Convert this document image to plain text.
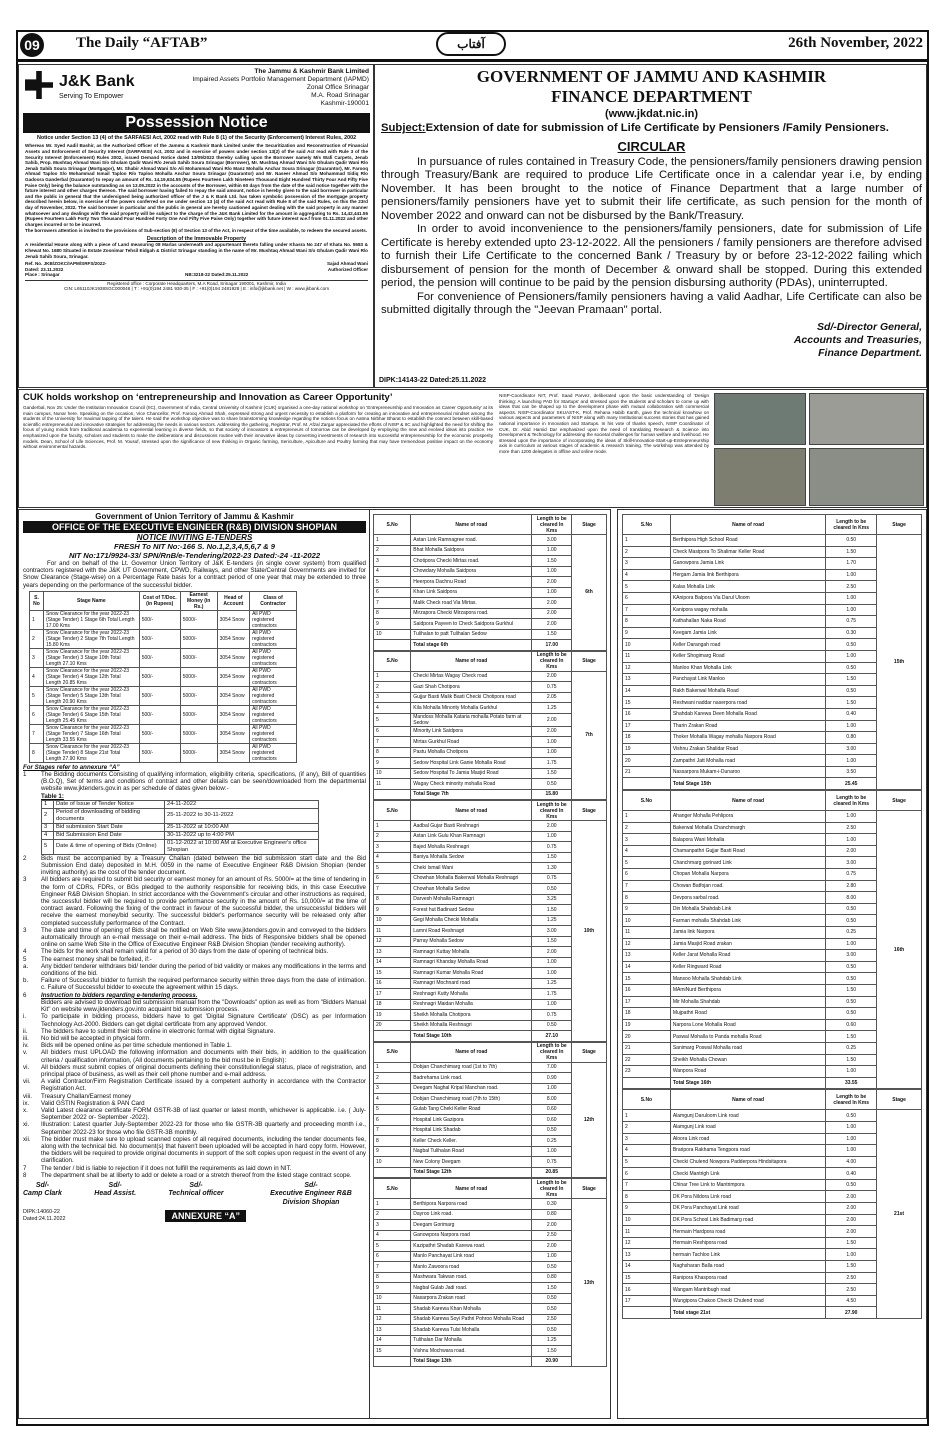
09 The Daily “AFTAB”	آفتاب	26th November, 2022
J&K Bank
Serving To Empower
The Jammu & Kashmir Bank Limited
Impaired Assets Portfolio Management Department (IAPMD)
Zonal Office Srinagar
M.A. Road Srinagar
Kashmir-190001
Possession Notice
Notice under Section 13 (4) of the SARFAESI Act, 2002 read with Rule 8 (1) of the Security (Enforcement) Interest Rules, 2002
Whereas Mr. Syed Aadil Bashir, as the Authorized Officer of the Jammu & Kashmir Bank Limited under the Securitization and Reconstruction of Financial Assets and Enforcement of Security Interest (SARFAESI) Act, 2002 and in exercise of powers under section 13(2) of the said Act read with Rule 3 of the Security Interest (Enforcement) Rules 2002, issued Demand Notice dated 13/09/2022 thereby calling upon the Borrower namely M/s Wafi Carpets, Jenab Sahib, Prop. Mushtaq Ahmad Wani S/o Ghulam Qadir Wani R/o Jenab Sahib Soura Srinagar (Borrower), Mr. Mushtaq Ahmad Wani S/o Ghulam Qadir Wani R/o Jenab Sahib Soura Srinagar (Mortgagor), Mr. Shabir Ahmad Wani S/o Ali Mohammad Wani R/o Manz Mohalla Anchar Soura Srinagar (Guarantor), Mr. Farooq Ahmad Taploo S/o Mohammad Ismail Taploo R/o Taploo Mohalla Anchar Soura Srinagar (Guarantor) and Mr. Naseer Ahmad S/o Mohammad Sidiq R/o Gadoora Ganderbal (Guarantor) to repay an amount of Rs. 14,19,634.55 (Rupees Fourteen Lakh Nineteen Thousand Eight Hundred Thirty Four And Fifty Five Paise Only) being the balance outstanding as on 13.09.2022 in the accounts of the Borrower, within 60 days from the date of the said notice together with the future interest and other charges thereon. The said borrower having failed to repay the said amount, notice is hereby given to the said borrower in particular and the public in general that the undersigned being authorized officer of the J & K Bank Ltd. has taken symbolic possession of the mortgage property described herein below, in exercise of the powers conferred on me under section 13 (4) of the said Act read with Rule 8 of the said Rules, on this the 23rd day of November, 2022. The said borrower in particular and the public in general are hereby cautioned against dealing with the said property in any manner whatsoever and any dealings with the said property will be subject to the charge of the J&K Bank Limited for the amount in aggregating to Rs. 14,42,441.55 (Rupees Fourteen Lakh Forty Two Thousand Four Hundred Forty One And Fifty Five Paise Only) together with future interest w.e.f from 01.11.2022 and other charges incurred or to be incurred.
The borrowers attention is invited to the provisions of Sub-section (8) of Section 13 of the Act, in respect of the time available, to redeem the secured assets.
Description of the Immovable Property
A residential House along with a piece of Land measuring 08 Marlas underneath and appurtenant thereto falling under Khasra No 247 of Khata No. 5583 & Khewat No. 1680 Situated in Estate Zoonimar Tehsil Eidgah & District Srinagar standing in the name of Mr. Mushtaq Ahmad Wani S/o Ghulam Qadir Wani R/o Jenab Sahib Soura, Srinagar.
Ref. No. JKB/ZOKC/IAPM/SRFS/2022-
Dated: 23.11.2022
Place : Srinagar	NB:3218-22 Dated:25.11.2022
Sajad Ahmad Wani
Authorized Officer
Registered office : Corporate Headquarters, M.A Road, Srinagar 190001, Kashmir, India
CIN: L65110JK1938SGC000048 | T : +91(0)194 2481 930-35 | F : +91(0)194 2481928 | E : info@jkbank.net | W : www.jkbank.com
GOVERNMENT OF JAMMU AND KASHMIR
FINANCE DEPARTMENT
(www.jkdat.nic.in)
Subject:Extension of date for submission of Life Certificate by Pensioners /Family Pensioners.
CIRCULAR
In pursuance of rules contained in Treasury Code, the pensioners/family pensioners drawing pension through Treasury/Bank are required to produce Life Certificate once in a calendar year i.e, by ending November. It has been brought to the notice of Finance Department that a large number of pensioners/family pensioners have yet to submit their life certificate, as such pension for the month of November 2022 and onward can not be disbursed by the Bank/Treasury.
In order to avoid inconvenience to the pensioners/family pensioners, date for submission of Life Certificate is hereby extended upto 23-12-2022. All the pensioners / family pensioners are therefore advised to furnish their Life Certificate to the concerned Bank / Treasury by or before 23-12-2022 failing which disbursement of pension for the month of December & onward shall be stopped. During this extended period, the pension will continue to be paid by the pension disbursing authority (PDAs), uninterrupted.
For convenience of Pensioners/family pensioners having a valid Aadhar, Life Certificate can also be submitted digitally through the "Jeevan Pramaan" portal.
Sd/-Director General,
Accounts and Treasuries,
Finance Department.
DIPK:14143-22 Dated:25.11.2022
CUK holds workshop on ‘entrepreneurship and Innovation as Career Opportunity’
Ganderbal, Nov 25: Under the Institution Innovation Council (IIC), Government of India, Central University of Kashmir (CUK) organised a one-day national workshop on ‘Entrepreneurship and Innovation as Career Opportunity’ at its main campus, Nunar here. Speaking on the occasion, Vice Chancellor, Prof. Farooq Ahmad Shah, expressed strong and urgent necessity to establish a platform for creating an innovative and entrepreneurial mindset among the students of the University for maximal tapping of the talent. He said the workshop objective was to share brainstorming knowledge regarding the notions focus on Aatma Nirbhar Bharat to establish the connect between skill-based scientific entrepreneurial and innovative strategies for addressing the needs in various sectors. Addressing the gathering, Registrar, Prof. M. Afzal Zargar appreciated the efforts of NISP & IIC and highlighted the need for shifting the focus of young minds from traditional academia to experiential learning in diverse fields, so that society of innovators & entrepreneurs of tomorrow can be developed by employing the new and evolved ideas into practice. He emphasized upon the faculty, scholars and students to make the deliberations and discussions routine with their innovative ideas by converting investments of research into successful entrepreneurship for the economic prosperity models. Dean, School of Life Sciences, Prof. M. Yousuf, stressed upon the significance of new thinking in Organic farming, Sericulture, Apiculture and Poultry farming that may have tremendous positive impact on the economy without environmental hazards.
NISP-Coordinator NIT, Prof. Saad Parvez, deliberated upon the basic understanding of ‘Design thinking: A launching PAD for Startups’ and stressed upon the students and scholars to come up with ideas that can be shaped up to the development phase with mutual collaboration with commercial aspects. NISP-Coordinator SKUAST-K, Prof. Rehana Habib Kanth, gave the technical knowhow on various aspects and parameters of NISP along with many Institutional success stories that has gained national importance in Innovation and Startups. In his vote of thanks speech, NISP Coordinator of CUK, Dr. Abid Hamid Dar emphasized upon the need of translating Research & Science into Development & Technology for addressing the societal challenges for human welfare and livelihood. He stressed upon the importance of incorporating the ideas of Skill-Innovation-Start-up-Entrepreneurship axis in curriculum at various stages of academic & research training. The workshop was attended by more than 1200 delegates in offline and online mode.
Government of Union Territory of Jammu & Kashmir
OFFICE OF THE EXECUTIVE ENGINEER (R&B) DIVISION SHOPIAN
NOTICE INVITING E-TENDERS
FRESH To NIT No:-166 S. No.1,2,3,4,5,6,7 & 9
NIT No:171/9924-33/ SPN/RnB/e-Tendering/2022-23 Dated:-24 -11-2022
For and on behalf of the Lt. Governor Union Territory of J&K E-tenders (in single cover system) from qualified contractors registered with the J&K UT Government, CPWD, Railways, and other State/Central Governments are invited for Snow Clearance (Stage-wise) on a Percentage Rate basis for a contract period of one year that may be extended to three years depending on the performance of the successful bidder.
S. No	Stage Name	Cost of T/Doc. (in Rupees)	Earnest Money (in Rs.)	Head of Account	Class of Contractor
1	Snow Clearance for the year 2022-23 (Stage Tender) 1 Stage 6th Total Length 17.00 Kms	500/-	5000/-	3054 Snow	All PWD registered contractors
2	Snow Clearance for the year 2022-23 (Stage Tender) 2 Stage 7th Total Length 15.80 Kms	500/-	5000/-	3054 Snow	All PWD registered contractors
3	Snow Clearance for the year 2022-23 (Stage Tender) 3 Stage 10th Total Length 27.10 Kms	500/-	5000/-	3054 Snow	All PWD registered contractors
4	Snow Clearance for the year 2022-23 (Stage Tender) 4 Stage 12th Total Length 20.85 Kms	500/-	5000/-	3054 Snow	All PWD registered contractors
5	Snow Clearance for the year 2022-23 (Stage Tender) 5 Stage 13th Total Length 20.90 Kms	500/-	5000/-	3054 Snow	All PWD registered contractors
6	Snow Clearance for the year 2022-23 (Stage Tender) 6 Stage 15th Total Length 25.45 Kms	500/-	5000/-	3054 Snow	All PWD registered contractors
7	Snow Clearance for the year 2022-23 (Stage Tender) 7 Stage 16th Total Length 33.55 Kms	500/-	5000/-	3054 Snow	All PWD registered contractors
8	Snow Clearance for the year 2022-23 (Stage Tender) 8 Stage 21st Total Length 27.90 Kms	500/-	5000/-	3054 Snow	All PWD registered contractors
For Stages refer to annexure “A”
1	The Bidding documents Consisting of qualifying information, eligibility criteria, specifications, (if any), Bill of quantities (B.O.Q), Set of terms and conditions of contract and other details can be seen/downloaded from the departmental website www.jktenders.gov.in as per schedule of dates given below:-
Table 1:
1	Date of Issue of Tender Notice	24-11-2022
2	Period of downloading of bidding documents	25-11-2022 to 30-11-2022
3	Bid submission Start Date	25-11-2022 at 10:00 AM
4	Bid Submission End Date	30-11-2022 up to 4:00 PM
5	Date & time of opening of Bids (Online)	01-12-2022 at 10:00 AM at Executive Engineer's office Shopian
2	Bids must be accompanied by a Treasury Challan (dated between the bid submission start date and the Bid Submission End date) deposited in M.H. 0059 in the name of Executive Engineer R&B Division Shopian (tender inviting authority) as the cost of the tender document.
3	All bidders are required to submit bid security or earnest money for an amount of Rs. 5000/= at the time of tendering in the form of CDRs, FDRs, or BGs pledged to the authority responsible for receiving bids, in this case Executive Engineer R&B Division Shopian. In strict accordance with the Government's circular and other instructions as required, the successful bidder will be required to provide performance security in the amount of Rs. 10,000/= at the time of contract award. Following the fixing of the contract in favour of the successful bidder, the unsuccessful bidders will receive the earnest money/bid security. The successful bidder's performance security will be released only after completed successfully performance of the Contract.
3	The date and time of opening of Bids shall be notified on Web Site www.jktenders.gov.in and conveyed to the bidders automatically through an e-mail message on their e-mail address. The bids of Responsive bidders shall be opened online on same Web Site in the Office of Executive Engineer R&B Division Shopian (tender receiving authority).
4	The bids for the work shall remain valid for a period of 30 days from the date of opening of technical bids.
5	The earnest money shall be forfeited, if:-
a.	Any bidder/ tenderer withdraws bid/ tender during the period of bid validity or makes any modifications in the terms and conditions of the bid.
b.	Failure of Successful bidder to furnish the required performance security within three days from the date of intimation. c. Failure of Successful bidder to execute the agreement within 15 days.
6	Instruction to bidders regarding e-tendering process.
Bidders are advised to download bid submission manual from the "Downloads" option as well as from "Bidders Manual Kit" on website www.jktenders.gov.into acquaint bid submission process.
i.	To participate in bidding process, bidders have to get 'Digital Signature Certificate' (DSC) as per Information Technology Act-2000. Bidders can get digital certificate from any approved Vendor.
ii.	The bidders have to submit their bids online in electronic format with digital Signature.
iii.	No bid will be accepted in physical form.
iv.	Bids will be opened online as per time schedule mentioned in Table 1.
v.	All bidders must UPLOAD the following information and documents with their bids, in addition to the qualification criteria / qualification information, (All documents pertaining to the bid must be in English):
vi.	All bidders must submit copies of original documents defining their constitution/legal status, place of registration, and principal place of business, as well as their cell phone number and e-mail address.
vii.	A valid Contractor/Firm Registration Certificate issued by a competent authority in accordance with the Contractor Registration Act.
viii.	Treasury Challan/Earnest money
ix.	Valid GSTIN Registration & PAN Card
x.	Valid Latest clearance certificate FORM GSTR-3B of last quarter or latest month, whichever is applicable. i.e. ( July- September 2022 or- September -2022).
xi.	Illustration: Latest quarter July-September 2022-23 for those who file GSTR-3B quarterly and proceeding month i.e., September 2022-23 for those who file GSTR-3B monthly.
xii.	The bidder must make sure to upload scanned copies of all required documents, including the tender documents fee, along with the technical bid. No document(s) that haven't been uploaded will be accepted in hard copy form. However, the bidders will be required to provide original documents in support of the soft copies upon request in the event of any clarification.
7	The tender / bid is liable to rejection if it does not fulfill the requirements as laid down in NIT.
8	The department shall be at liberty to add or delete a road or a stretch thereof from the listed stage contract scope.
Sd/-
Camp Clark
Sd/-
Head Assist.
Sd/-
Technical officer
Sd/-
Executive Engineer R&B Division Shopian
DIPK:14060-22
Dated:24.11.2022	ANNEXURE “A”
S.No	Name of road	Length to be cleared In Kms	Stage
1	Astan Link Ramnagree road.	3.00	6th
2	Bhat Mohalla Saidpora	1.00	
3	Chotipora Checki Mirtas road.	1.50	
4	Chowdary Mohalla Saidpora	1.00	
5	Heerpora Dachnu Road	2.00	
6	Khan Link Saidpora	1.00	
7	Malik Check road Via Mirtas.	2.00	
8	Mirzapora Checki Mirzapora road.	2.00	
9	Saidpora Payeen to Check Saidpora Gurkhul	2.00	
10	Tulihalan to patt Tulihalan Sedow	1.50	
	Total stage 6th	17.00	
S.No	Name of road	Length to be cleared In Kms	Stage
1	Checki Mirtas Wagay Check road	2.00	7th
2	Gazi Shah Chotipora	0.75	
3	Gujjar Basti Malik Basti Checki Chotipora road	2.05	
4	Kila Mohalla Minority Mohalla Gurkhul	1.25	
5	Mandoss Mohalla Kataria mohalla Potato farm at Sedow	2.00	
6	Minority Link Saidpora	2.00	
7	Mirtas Gurkhul Road	1.00	
8	Pastu Mohalla Chotipora	1.00	
9	Sedow Hospital Link Ganie Mohalla Road	1.75	
10	Sedow Hospital To Jamia Masjid Road	1.50	
11	Wagay Check minority mohalla Road	0.50	
	Total Stage 7th	15.80	
S.No	Name of road	Length to be cleared In Kms	Stage
1	Aadbal Gujar Basti Reshnagri	2.00	10th
2	Astan Link Gulu Khan Ramnagri	1.00	
3	Bajed Mohalla Reshnagri	0.75	
4	Baniya Mohalla Sedow	1.50	
5	Cheki Ismail Wani	1.30	
6	Chowhan Mohalla Bakerwal Mohalla Reshnagri	0.75	
7	Chowhan Mohalla Sedow	0.50	
8	Darvesh Mohalla Ramnagri	3.25	
9	Forest hut Badinard Sedow	1.50	
10	Gegi Mohalla Checki Mohalla	1.25	
11	Lamni Road Reshnagri	3.00	
12	Parray Mohalla Sedow	1.50	
13	Ramnagri Kuttay Mohalla	2.00	
14	Ramnagri Khanday Mohalla Road	1.00	
15	Ramnagri Kumar Mohalla Road	1.00	
16	Ramnagri Mochnard road	1.25	
17	Reshnagri Kutty Mohalla	1.75	
18	Reshnagri Maidan Mohalla	1.00	
19	Sheikh Mohalla Chotipora	0.75	
20	Sheikh Mohalla Reshnagri	0.50	
	Total Stage 10th	27.10	
S.No	Name of road	Length to be cleared In Kms	Stage
1	Dobjan Chanchimarg road (1st to 7th)	7.00	12th
2	Badrehama Link road.	0.90	
3	Deegam Naghal Kripal Manchan road.	1.00	
4	Dobjan Chanchimarg road (7th to 15th)	8.00	
5	Gulab Tang Cheki Keller Road	0.60	
6	Hospital Link Gazipora	0.60	
7	Hospital Link Shadab	0.50	
8	Keller Check Keller.	0.25	
9	Nagbal Tulihalan Road	1.00	
10	New Colony Deegam	0.75	
	Total Stage 12th	20.85	
S.No	Name of road	Length to be cleared In Kms	Stage
1	Berthipora Narpora road	0.30	13th
2	Dayroo Link road.	0.80	
3	Deegam Gorimarg	2.00	
4	Ganowpora Narpora road	2.50	
5	Kazipathri Shadab Karewa road.	2.00	
6	Manlo Panchayat Link road	1.00	
7	Manlo Zawoora road	0.50	
8	Mashwara Takwan road.	0.80	
9	Nagbal Gulab Jadi road.	1.50	
10	Nasarpora Zrakan road	0.50	
11	Shadab Karewa Khan Mohalla	0.50	
12	Shadab Karewa Soyi Pathri Pohroo Mohalla Road	2.50	
13	Shadab Karewa Tulsi Mohalla	0.50	
14	Tulihalan Dar Mohalla	1.25	
15	Vishnu Mochwara road.	1.50	
	Total Stage 13th	20.90	
S.No	Name of road	Length to be cleared In Kms	Stage
1	Berthipora High School Road	0.50	15th
2	Check Mastpora To Shalimar Keller Road	1.50	
3	Ganowpora Jamia Link	1.70	
4	Hergam Jamia link Berthipora	1.00	
5	Kalas Mohalla Link	2.50	
6	KAnipora Balpora Via Darul Uloom	1.00	
7	Kanipora wagay mohalla	1.00	
8	Kathahallan Naka Road	0.75	
9	Keegam Jamia Link	0.30	
10	Keller Darangah road	0.50	
11	Keller Shogimarg Road	1.00	
12	Manloo Khan Mohalla Link	0.50	
13	Panchayat Link Manloo	1.50	
14	Rakh Bakerwal Mohalla Road	0.50	
15	Reshwani naddar naserpora road	1.50	
16	Shahdab Karewa Deen Mohalla Road	0.40	
17	Tharin Zrakan Road	1.00	
18	Thoker Mohalla Wagay mohalla Narpora Road	0.80	
19	Vishnu Zrakan Shalidar Road	3.00	
20	Zampathri Jatt Mohalla road	1.00	
21	Nassarpora Mukam-i-Dunaroo	3.50	
	Total Stage 15th	25.45	
S.No	Name of road	Length to be cleared In Kms	Stage
1	Ahanger Mohalla Pehlipora	1.00	16th
2	Bakerwal Mohalla Chanchmargh	2.50	
3	Balapora Wani Mohalla	1.00	
4	Chamanpathri Gujjar Basti Road	2.00	
5	Chanchmarg gorinard Link	3.00	
6	Chopan Mohalla Narpora	0.75	
7	Chowan Batfojan road.	2.80	
8	Devpora sarbal road.	8.00	
9	Din Mohalla Shahdab Link	0.50	
10	Farman mohalla Shahdab Link	0.50	
11	Jamia link Narpora	0.25	
12	Jamia Masjid Road zrakan	1.00	
13	Keller Jarat Mohalla Road	3.00	
14	Keller Ringward Road	0.50	
15	Mansoo Mohalla Shahdab Link	0.50	
16	MAmiNurd Berthipora	1.50	
17	Mir Mohalla Shahdab	0.50	
18	Mujpathri Road	0.50	
19	Narpora Lone Mohalla Road	0.60	
20	Paswal Mohalla to Panda mohalla Road	1.50	
21	Sanimarg Poswal Mohalla road	0.25	
22	Sheikh Mohalla Chowan	1.50	
23	Wanpora Road	1.00	
	Total Stage 16th	33.55	
S.No	Name of road	Length to be cleared In Kms	Stage
1	Alamgunj Daruloom Link road	0.50	21st
2	Alamgunj Link road	1.00	
3	Aloora Link road	1.00	
4	Braripora Rakhama Tengpora road	1.00	
5	Checki Chulend Nowpora Padderpora Hindsitapora	4.00	
6	Checki Mantrigh Link	0.40	
7	Chinar Tree Link to Mantrimpora	0.50	
8	DK Pora Nildora Link road	2.00	
9	DK Pora Panchayat Link road	2.00	
10	DK Pora School Link Badimarg road	2.00	
11	Hermain Hardpora road	2.00	
12	Hermain Reshipora road	1.50	
13	hermain Tachloo Link	1.00	
14	Naghsharan Balla road	1.50	
15	Ranipora Khaspora road	2.50	
16	Wangam Mantribugh road	2.50	
17	Wungipora Chakoo Checki Chulend road	4.50	
	Total stage 21st	27.90	
